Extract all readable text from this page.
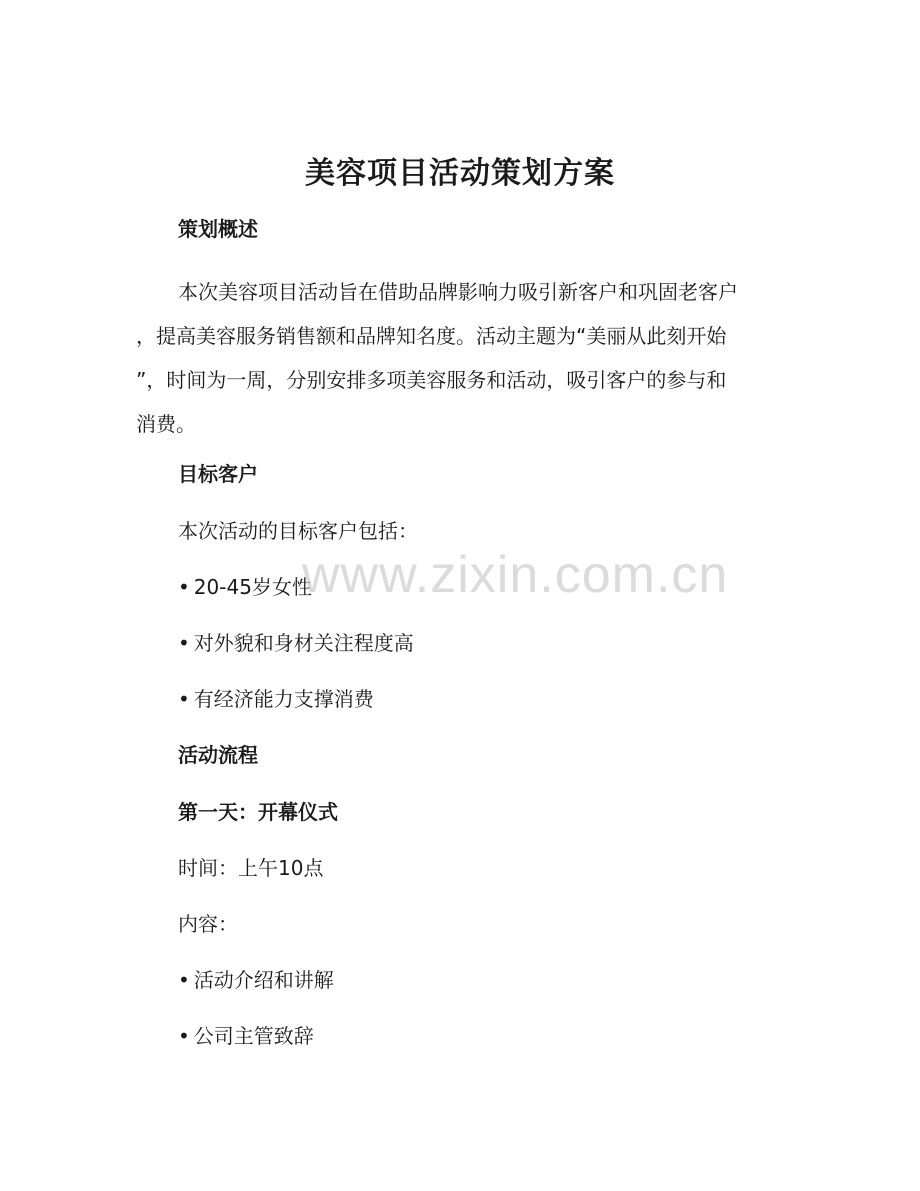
美容项目活动策划方案

策划概述

本次美容项目活动旨在借助品牌影响力吸引新客户和巩固老客户
，提高美容服务销售额和品牌知名度。活动主题为“美丽从此刻开始
”，时间为一周，分别安排多项美容服务和活动，吸引客户的参与和
消费。

目标客户

本次活动的目标客户包括：

• 20-45岁女性

• 对外貌和身材关注程度高

• 有经济能力支撑消费

活动流程

第一天：开幕仪式

时间：上午10点

内容：

• 活动介绍和讲解

• 公司主管致辞

www.zixin.com.cn
